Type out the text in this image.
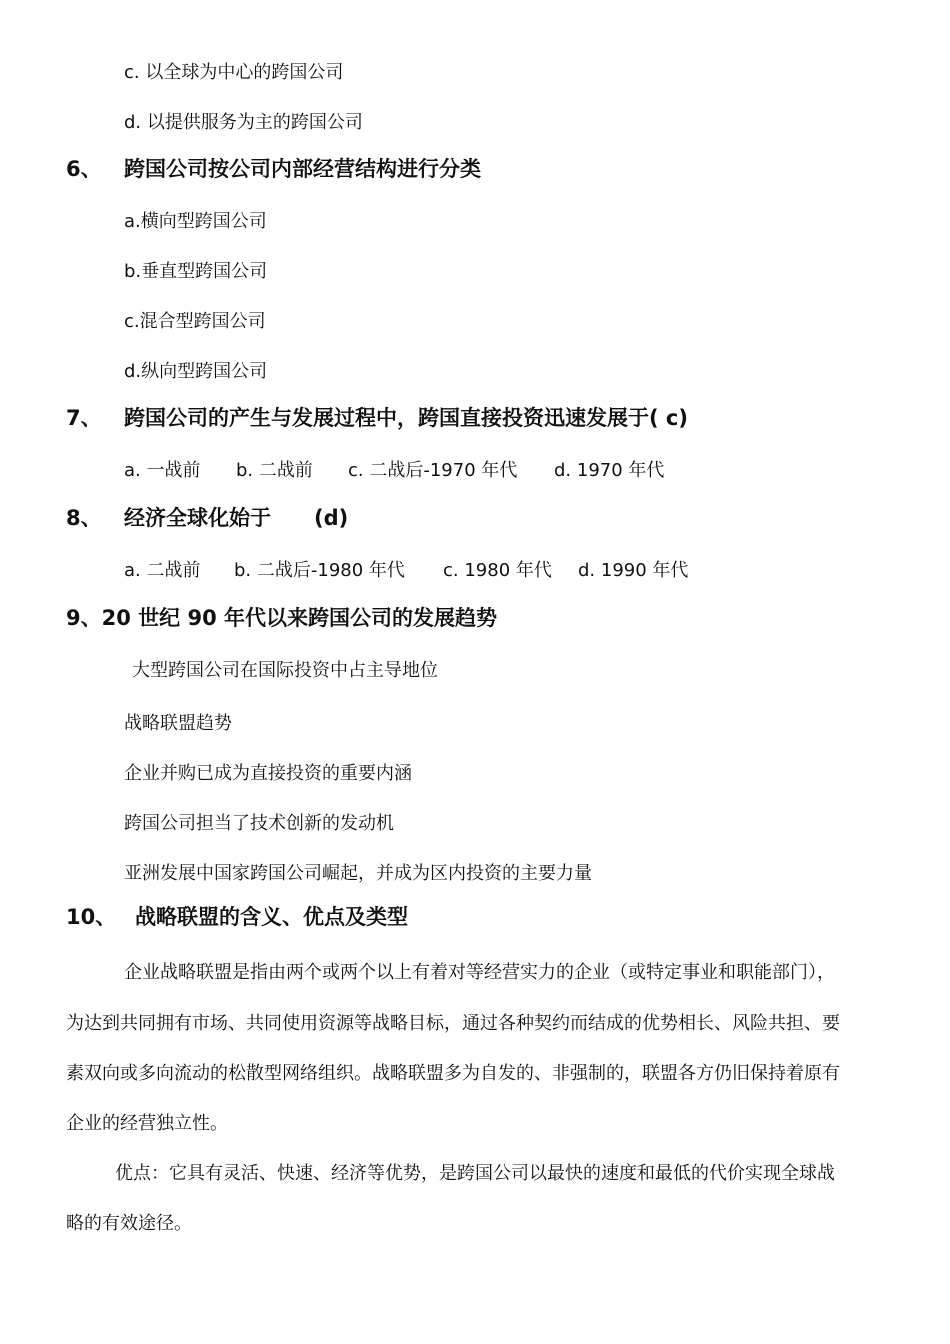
c. 以全球为中心的跨国公司
d. 以提供服务为主的跨国公司
6、 跨国公司按公司内部经营结构进行分类
a.横向型跨国公司
b.垂直型跨国公司
c.混合型跨国公司
d.纵向型跨国公司
7、 跨国公司的产生与发展过程中，跨国直接投资迅速发展于( c)
a. 一战前 b. 二战前 c. 二战后-1970 年代 d. 1970 年代
8、 经济全球化始于 (d)
a. 二战前 b. 二战后-1980 年代 c. 1980 年代 d. 1990 年代
9、20 世纪 90 年代以来跨国公司的发展趋势
大型跨国公司在国际投资中占主导地位
战略联盟趋势
企业并购已成为直接投资的重要内涵
跨国公司担当了技术创新的发动机
亚洲发展中国家跨国公司崛起，并成为区内投资的主要力量
10、 战略联盟的含义、优点及类型
企业战略联盟是指由两个或两个以上有着对等经营实力的企业（或特定事业和职能部门），
为达到共同拥有市场、共同使用资源等战略目标，通过各种契约而结成的优势相长、风险共担、要
素双向或多向流动的松散型网络组织。战略联盟多为自发的、非强制的，联盟各方仍旧保持着原有
企业的经营独立性。
优点：它具有灵活、快速、经济等优势，是跨国公司以最快的速度和最低的代价实现全球战
略的有效途径。
